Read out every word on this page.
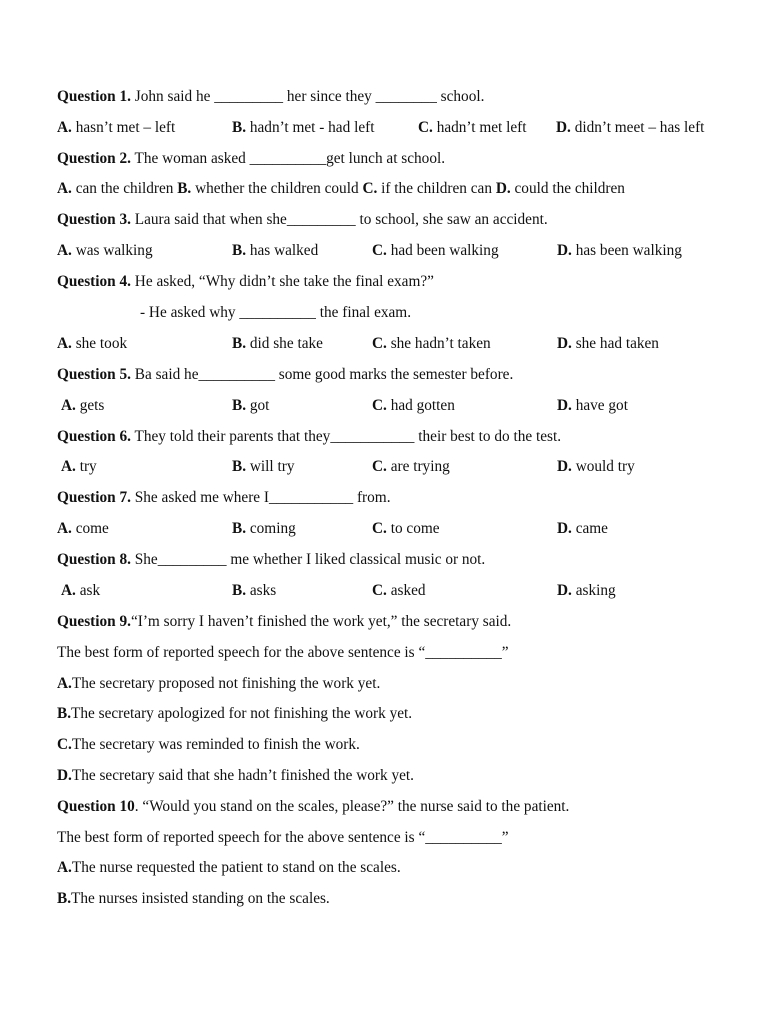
Question 1. John said he _________ her since they ________ school.
A. hasn’t met – left	B. hadn’t met - had left	C. hadn’t met left D. didn’t meet – has left
Question 2. The woman asked __________get lunch at school.
A. can the children B. whether the children could C. if the children can D. could the children
Question 3. Laura said that when she_________ to school, she saw an accident.
A. was walking	B. has walked	C. had been walking	D. has been walking
Question 4. He asked, “Why didn’t she take the final exam?”
- He asked why __________ the final exam.
A. she took	B. did she take	C. she hadn’t taken	D. she had taken
Question 5. Ba said he__________ some good marks the semester before.
A. gets	B. got	C. had gotten	D. have got
Question 6. They told their parents that they___________ their best to do the test.
A. try	B. will try	C. are trying	D. would try
Question 7. She asked me where I___________ from.
A. come	B. coming	C. to come	D. came
Question 8. She_________ me whether I liked classical music or not.
A. ask	B. asks	C. asked	D. asking
Question 9.“I’m sorry I haven’t finished the work yet,” the secretary said.
The best form of reported speech for the above sentence is “__________”
A.The secretary proposed not finishing the work yet.
B.The secretary apologized for not finishing the work yet.
C.The secretary was reminded to finish the work.
D.The secretary said that she hadn’t finished the work yet.
Question 10. “Would you stand on the scales, please?” the nurse said to the patient.
The best form of reported speech for the above sentence is “__________”
A.The nurse requested the patient to stand on the scales.
B.The nurses insisted standing on the scales.
